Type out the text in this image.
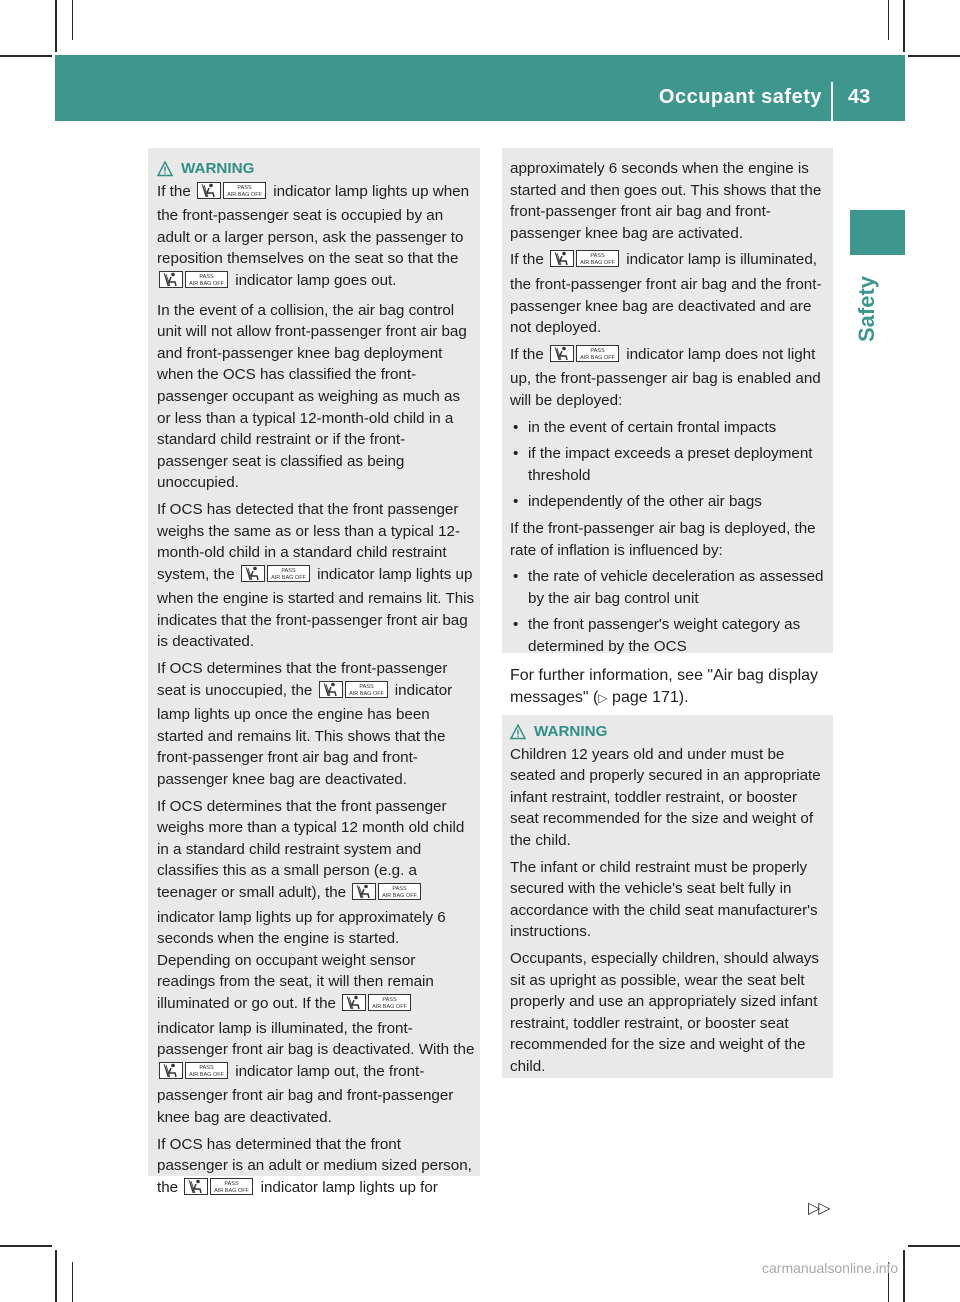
Occupant safety 43
Safety
WARNING

If the	PASS
AIR BAG OFF indicator lamp lights up when the front-passenger seat is occupied by an adult or a larger person, ask the passenger to reposition themselves on the seat so that the
PASS
AIR BAG OFF indicator lamp goes out.

In the event of a collision, the air bag control unit will not allow front-passenger front air bag and front-passenger knee bag deployment when the OCS has classified the front-passenger occupant as weighing as much as or less than a typical 12-month-old child in a standard child restraint or if the front-passenger seat is classified as being unoccupied.

If OCS has detected that the front passenger weighs the same as or less than a typical 12-month-old child in a standard child restraint system, the	PASS
AIR BAG OFF indicator lamp lights up when the engine is started and remains lit. This indicates that the front-passenger front air bag is deactivated.

If OCS determines that the front-passenger seat is unoccupied, the	PASS
AIR BAG OFF indicator lamp lights up once the engine has been started and remains lit. This shows that the front-passenger front air bag and front-passenger knee bag are deactivated.

If OCS determines that the front passenger weighs more than a typical 12 month old child in a standard child restraint system and classifies this as a small person (e.g. a teenager or small adult), the	PASS
AIR BAG OFF
indicator lamp lights up for approximately 6 seconds when the engine is started. Depending on occupant weight sensor readings from the seat, it will then remain illuminated or go out. If the	PASS
AIR BAG OFF
indicator lamp is illuminated, the front-passenger front air bag is deactivated. With the
PASS
AIR BAG OFF indicator lamp out, the front-passenger front air bag and front-passenger knee bag are deactivated.

If OCS has determined that the front passenger is an adult or medium sized person, the	PASS
AIR BAG OFF indicator lamp lights up for

approximately 6 seconds when the engine is started and then goes out. This shows that the front-passenger front air bag and front-passenger knee bag are activated.

If the	PASS
AIR BAG OFF indicator lamp is illuminated, the front-passenger front air bag and the front-passenger knee bag are deactivated and are not deployed.

If the	PASS
AIR BAG OFF indicator lamp does not light up, the front-passenger air bag is enabled and will be deployed:

• in the event of certain frontal impacts
• if the impact exceeds a preset deployment threshold
• independently of the other air bags

If the front-passenger air bag is deployed, the rate of inflation is influenced by:

• the rate of vehicle deceleration as assessed by the air bag control unit
• the front passenger's weight category as determined by the OCS
For further information, see "Air bag display messages" (▷ page 171).
WARNING

Children 12 years old and under must be seated and properly secured in an appropriate infant restraint, toddler restraint, or booster seat recommended for the size and weight of the child.

The infant or child restraint must be properly secured with the vehicle's seat belt fully in accordance with the child seat manufacturer's instructions.

Occupants, especially children, should always sit as upright as possible, wear the seat belt properly and use an appropriately sized infant restraint, toddler restraint, or booster seat recommended for the size and weight of the child.

▷▷
carmanualsonline.info
